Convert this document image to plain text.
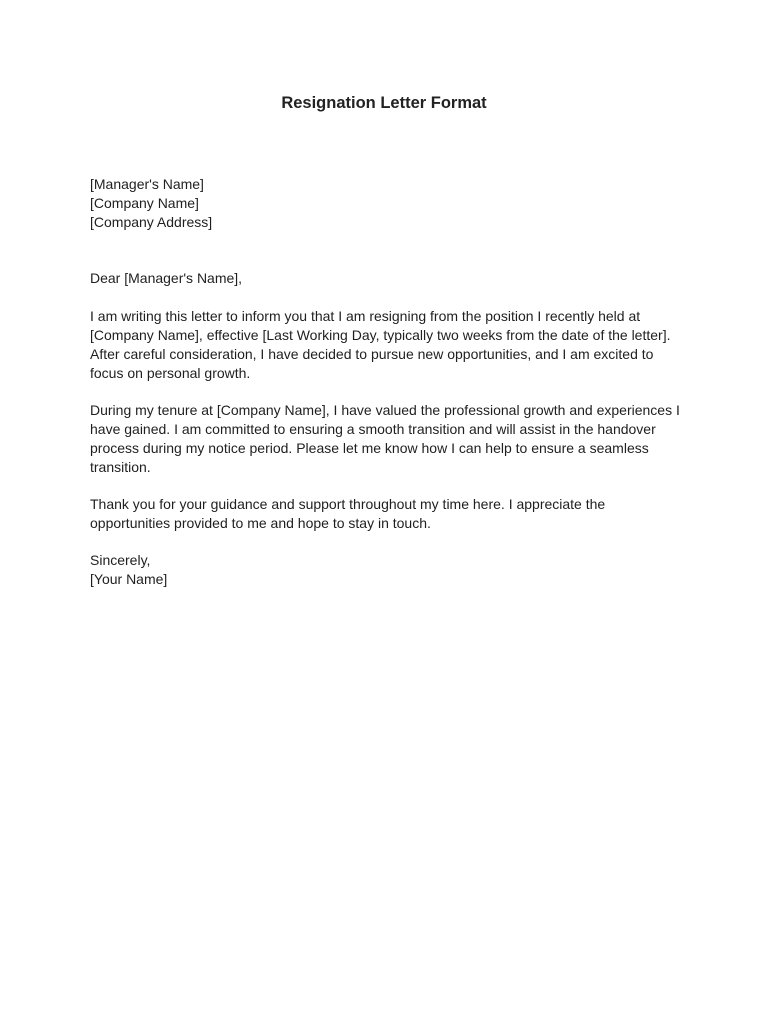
Resignation Letter Format
[Manager's Name]
[Company Name]
[Company Address]
Dear [Manager's Name],
I am writing this letter to inform you that I am resigning from the position I recently held at
[Company Name], effective [Last Working Day, typically two weeks from the date of the letter].
After careful consideration, I have decided to pursue new opportunities, and I am excited to
focus on personal growth.
During my tenure at [Company Name], I have valued the professional growth and experiences I
have gained. I am committed to ensuring a smooth transition and will assist in the handover
process during my notice period. Please let me know how I can help to ensure a seamless
transition.
Thank you for your guidance and support throughout my time here. I appreciate the
opportunities provided to me and hope to stay in touch.
Sincerely,
[Your Name]
